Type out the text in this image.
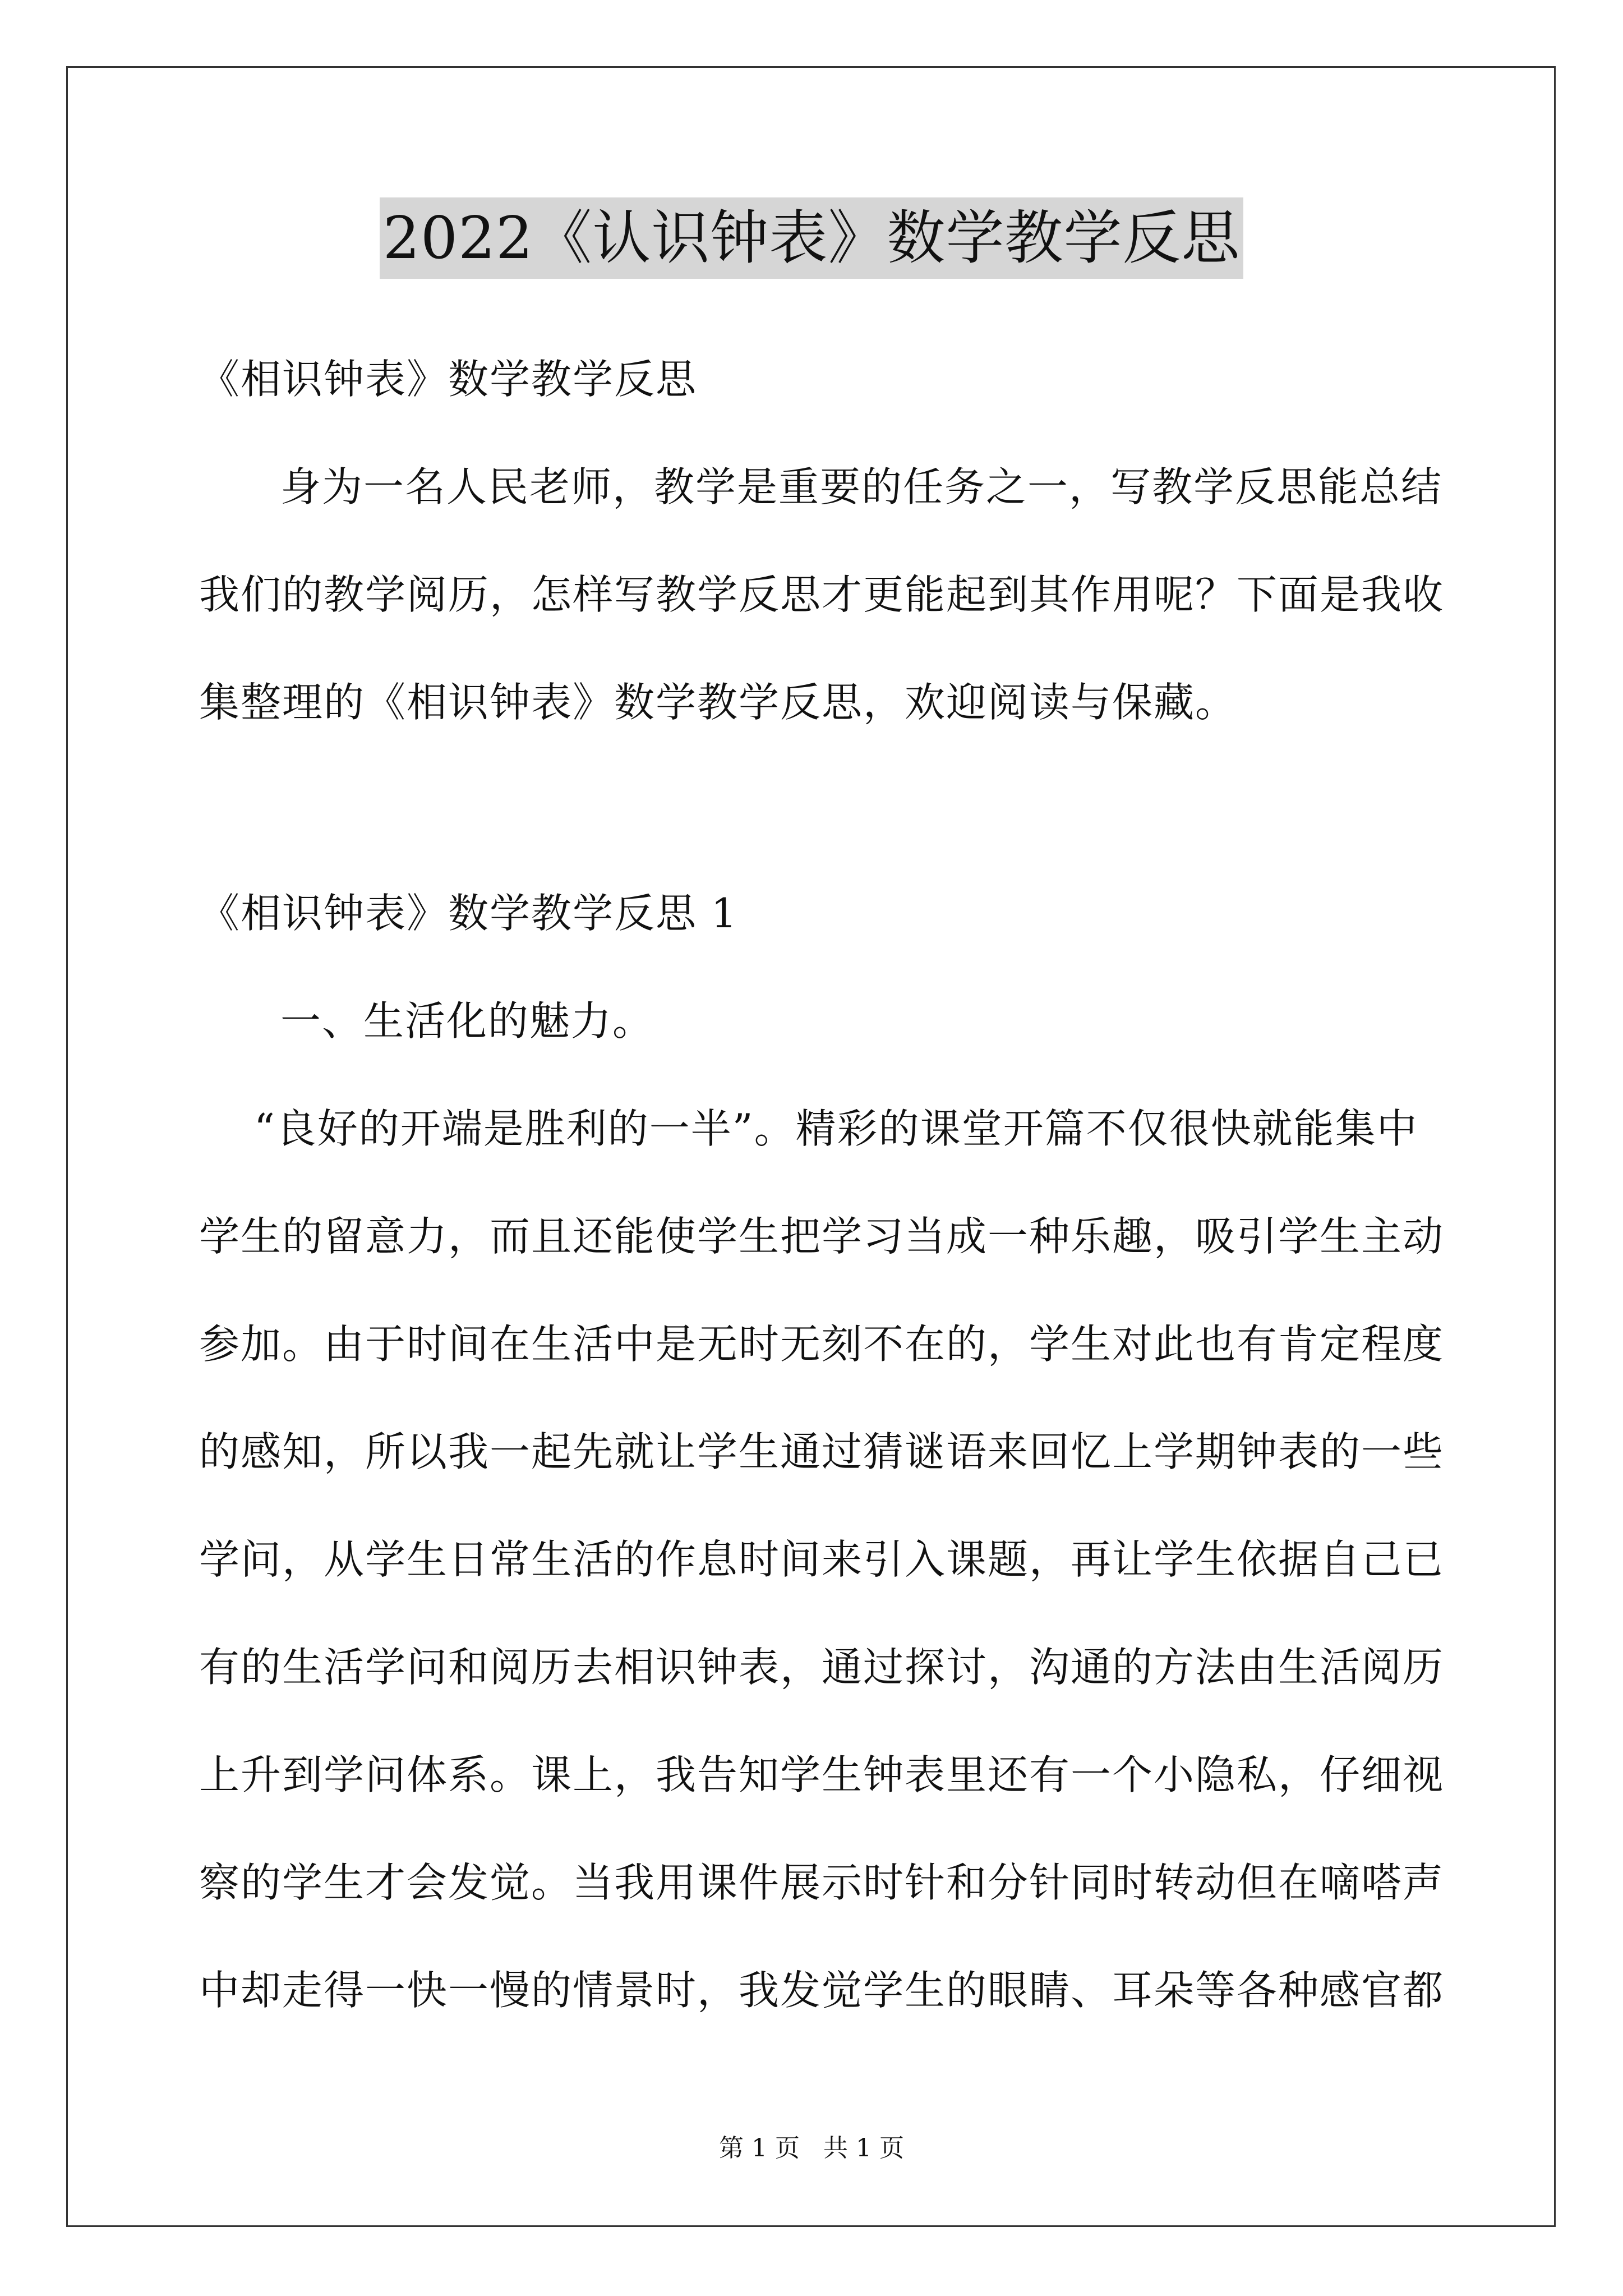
2022《认识钟表》数学教学反思
《相识钟表》数学教学反思
身为一名人民老师，教学是重要的任务之一，写教学反思能总结
我们的教学阅历，怎样写教学反思才更能起到其作用呢？下面是我收
集整理的《相识钟表》数学教学反思，欢迎阅读与保藏。
《相识钟表》数学教学反思 1
一、生活化的魅力。
“良好的开端是胜利的一半”。精彩的课堂开篇不仅很快就能集中
学生的留意力，而且还能使学生把学习当成一种乐趣，吸引学生主动
参加。由于时间在生活中是无时无刻不在的，学生对此也有肯定程度
的感知，所以我一起先就让学生通过猜谜语来回忆上学期钟表的一些
学问，从学生日常生活的作息时间来引入课题，再让学生依据自己已
有的生活学问和阅历去相识钟表，通过探讨，沟通的方法由生活阅历
上升到学问体系。课上，我告知学生钟表里还有一个小隐私，仔细视
察的学生才会发觉。当我用课件展示时针和分针同时转动但在嘀嗒声
中却走得一快一慢的情景时，我发觉学生的眼睛、耳朵等各种感官都
第 1 页   共 1 页
